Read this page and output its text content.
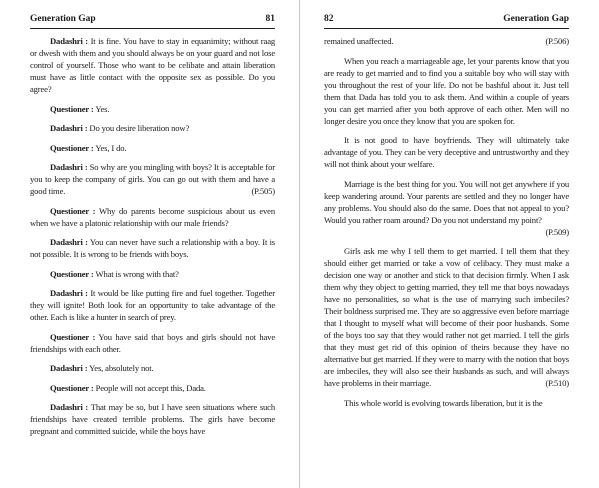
Generation Gap	81

Dadashri : It is fine. You have to stay in equanimity; without raag or dwesh with them and you should always be on your guard and not lose control of yourself. Those who want to be celibate and attain liberation must have as little contact with the opposite sex as possible. Do you agree?

Questioner : Yes.

Dadashri : Do you desire liberation now?

Questioner : Yes, I do.

Dadashri : So why are you mingling with boys? It is acceptable for you to keep the company of girls. You can go out with them and have a good time.	(P.505)

Questioner : Why do parents become suspicious about us even when we have a platonic relationship with our male friends?

Dadashri : You can never have such a relationship with a boy. It is not possible. It is wrong to be friends with boys.

Questioner : What is wrong with that?

Dadashri : It would be like putting fire and fuel together. Together they will ignite! Both look for an opportunity to take advantage of the other. Each is like a hunter in search of prey.

Questioner : You have said that boys and girls should not have friendships with each other.

Dadashri : Yes, absolutely not.

Questioner : People will not accept this, Dada.

Dadashri : That may be so, but I have seen situations where such friendships have created terrible problems. The girls have become pregnant and committed suicide, while the boys have

82	Generation Gap

remained unaffected.	(P.506)

When you reach a marriageable age, let your parents know that you are ready to get married and to find you a suitable boy who will stay with you throughout the rest of your life. Do not be bashful about it. Just tell them that Dada has told you to ask them. And within a couple of years you can get married after you both approve of each other. Men will no longer desire you once they know that you are spoken for.

It is not good to have boyfriends. They will ultimately take advantage of you. They can be very deceptive and untrustworthy and they will not think about your welfare.

Marriage is the best thing for you. You will not get anywhere if you keep wandering around. Your parents are settled and they no longer have any problems. You should also do the same. Does that not appeal to you? Would you rather roam around? Do you not understand my point?
(P.509)

Girls ask me why I tell them to get married. I tell them that they should either get married or take a vow of celibacy. They must make a decision one way or another and stick to that decision firmly. When I ask them why they object to getting married, they tell me that boys nowadays have no personalities, so what is the use of marrying such imbeciles? Their boldness surprised me. They are so aggressive even before marriage that I thought to myself what will become of their poor husbands. Some of the boys too say that they would rather not get married. I tell the girls that they must get rid of this opinion of theirs because they have no alternative but get married. If they were to marry with the notion that boys are imbeciles, they will also see their husbands as such, and will always have problems in their marriage.	(P.510)

This whole world is evolving towards liberation, but it is the
